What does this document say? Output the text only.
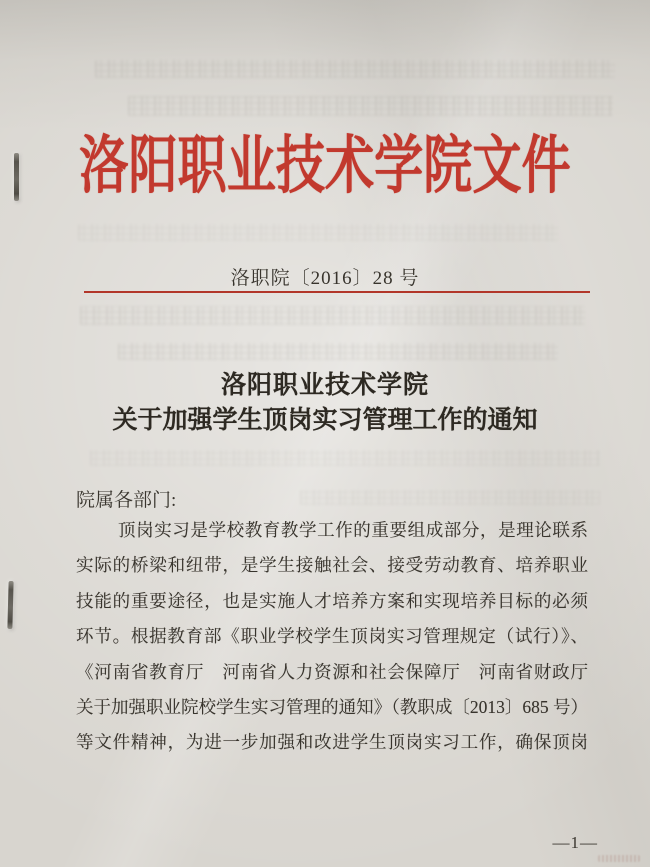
洛阳职业技术学院文件
洛职院〔2016〕28 号
洛阳职业技术学院
关于加强学生顶岗实习管理工作的通知
院属各部门:
顶岗实习是学校教育教学工作的重要组成部分，是理论联系
实际的桥梁和纽带，是学生接触社会、接受劳动教育、培养职业
技能的重要途径，也是实施人才培养方案和实现培养目标的必须
环节。根据教育部《职业学校学生顶岗实习管理规定（试行）》、
《河南省教育厅　河南省人力资源和社会保障厅　河南省财政厅
关于加强职业院校学生实习管理的通知》（教职成〔2013〕685 号）
等文件精神，为进一步加强和改进学生顶岗实习工作，确保顶岗
—1—
